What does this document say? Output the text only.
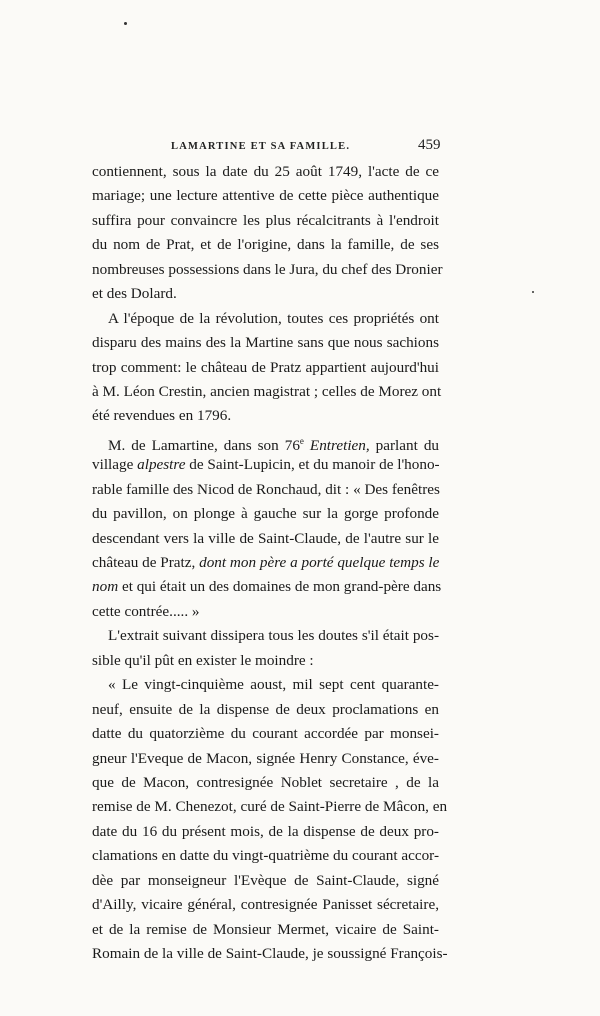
LAMARTINE ET SA FAMILLE.	459
contiennent, sous la date du 25 août 1749, l'acte de ce
mariage; une lecture attentive de cette pièce authentique
suffira pour convaincre les plus récalcitrants à l'endroit
du nom de Prat, et de l'origine, dans la famille, de ses
nombreuses possessions dans le Jura, du chef des Dronier
et des Dolard.
A l'époque de la révolution, toutes ces propriétés ont
disparu des mains des la Martine sans que nous sachions
trop comment: le château de Pratz appartient aujourd'hui
à M. Léon Crestin, ancien magistrat ; celles de Morez ont
été revendues en 1796.
M. de Lamartine, dans son 76e Entretien, parlant du
village alpestre de Saint-Lupicin, et du manoir de l'hono-
rable famille des Nicod de Ronchaud, dit : « Des fenêtres
du pavillon, on plonge à gauche sur la gorge profonde
descendant vers la ville de Saint-Claude, de l'autre sur le
château de Pratz, dont mon père a porté quelque temps le
nom et qui était un des domaines de mon grand-père dans
cette contrée..... »
L'extrait suivant dissipera tous les doutes s'il était pos-
sible qu'il pût en exister le moindre :
« Le vingt-cinquième aoust, mil sept cent quarante-
neuf, ensuite de la dispense de deux proclamations en
datte du quatorzième du courant accordée par monsei-
gneur l'Eveque de Macon, signée Henry Constance, éve-
que de Macon, contresignée Noblet secretaire , de la
remise de M. Chenezot, curé de Saint-Pierre de Mâcon, en
date du 16 du présent mois, de la dispense de deux pro-
clamations en datte du vingt-quatrième du courant accor-
dèe par monseigneur l'Evèque de Saint-Claude, signé
d'Ailly, vicaire général, contresignée Panisset sécretaire,
et de la remise de Monsieur Mermet, vicaire de Saint-
Romain de la ville de Saint-Claude, je soussigné François-
